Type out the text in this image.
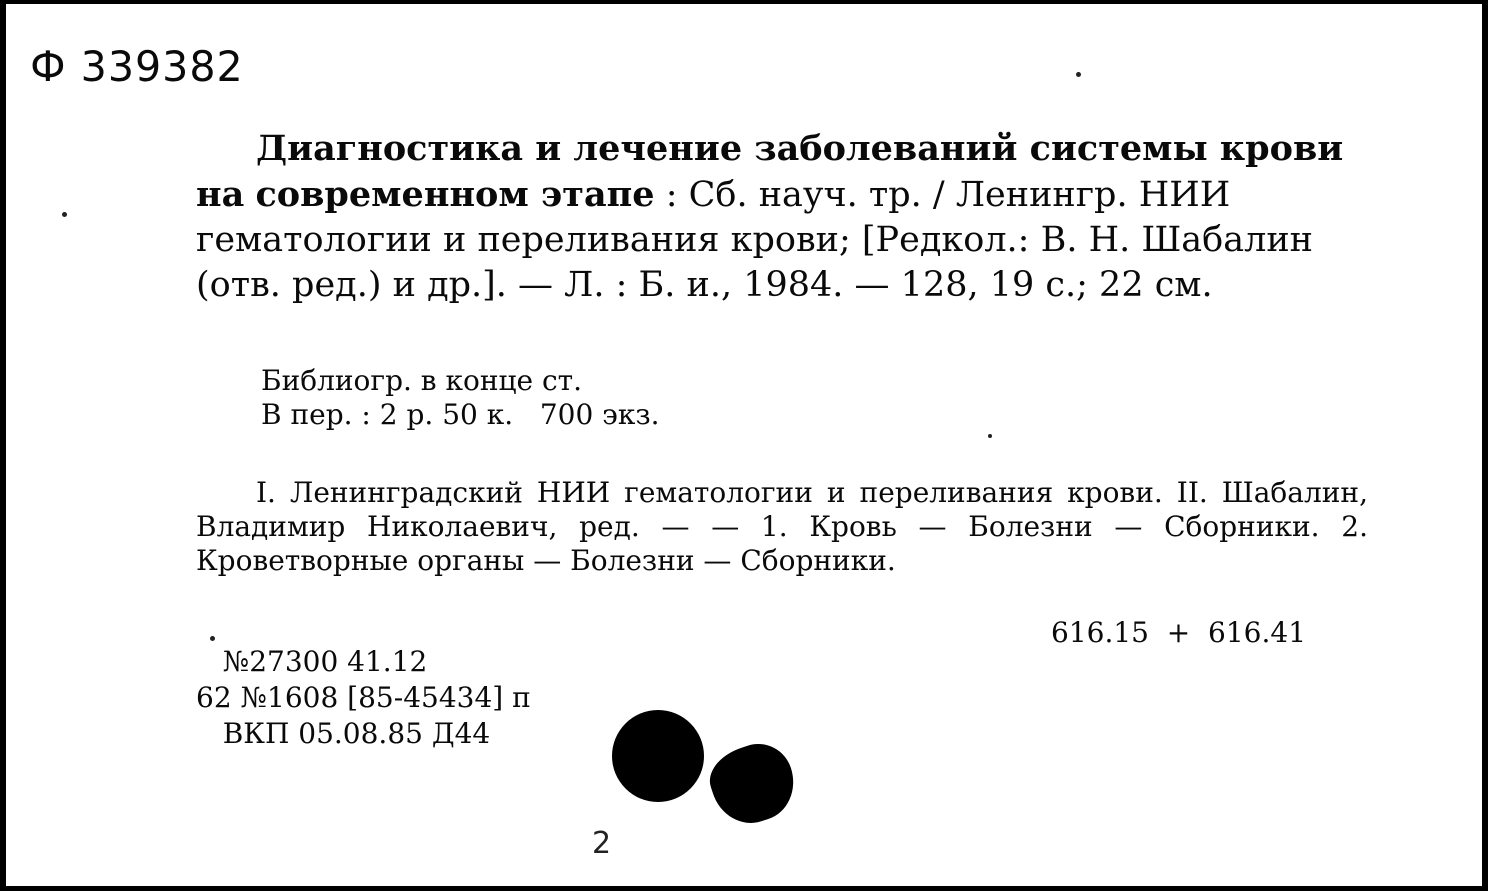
Ф 339382

Диагностика и лечение заболеваний системы крови на современном этапе : Сб. науч. тр. / Ленингр. НИИ гематологии и переливания крови; [Редкол.: В. Н. Шабалин (отв. ред.) и др.]. — Л. : Б. и., 1984. — 128, 19 с.; 22 см.

Библиогр. в конце ст.
В пер. : 2 р. 50 к.   700 экз.

I. Ленинградский НИИ гематологии и переливания крови. II. Шабалин, Владимир Николаевич, ред. — — 1. Кровь — Болезни — Сборники. 2. Кроветворные органы — Болезни — Сборники.

616.15  +  616.41
№27300 41.12
62 №1608 [85-45434] п
ВКП 05.08.85 Д44
2
